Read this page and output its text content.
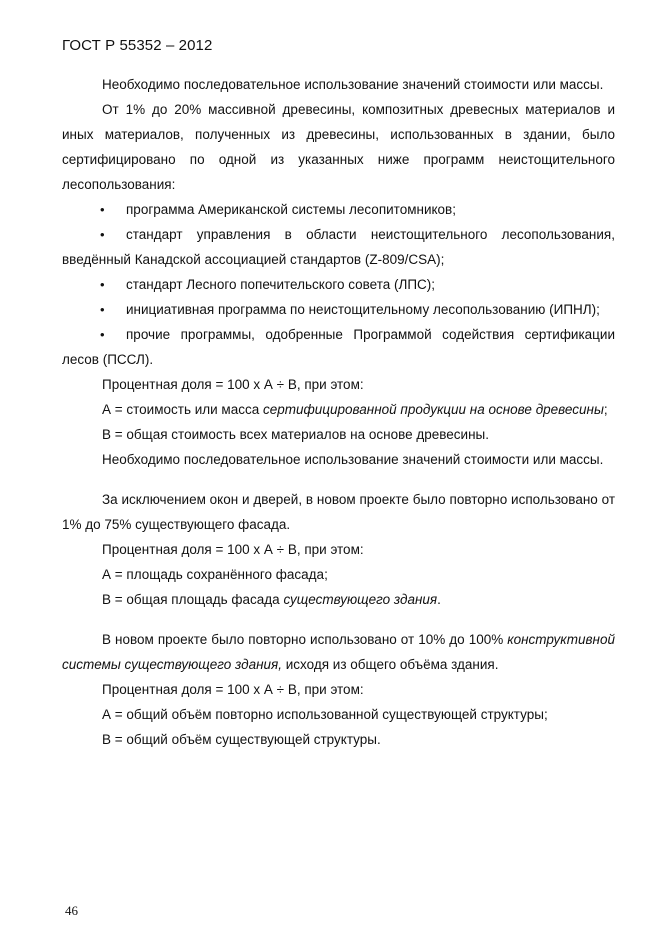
ГОСТ Р 55352 – 2012

Необходимо последовательное использование значений стоимости или массы.

От 1% до 20% массивной древесины, композитных древесных материалов и иных материалов, полученных из древесины, использованных в здании, было сертифицировано по одной из указанных ниже программ неистощительного лесопользования:

•	программа Американской системы лесопитомников;

•	стандарт управления в области неистощительного лесопользования, введённый Канадской ассоциацией стандартов (Z-809/CSA);

•	стандарт Лесного попечительского совета (ЛПС);

•	инициативная программа по неистощительному лесопользованию (ИПНЛ);

•	прочие программы, одобренные Программой содействия сертификации лесов (ПССЛ).

Процентная доля = 100 х А ÷ В, при этом:

А = стоимость или масса сертифицированной продукции на основе древесины;

В = общая стоимость всех материалов на основе древесины.

Необходимо последовательное использование значений стоимости или массы.

За исключением окон и дверей, в новом проекте было повторно использовано от 1% до 75% существующего фасада.

Процентная доля = 100 х А ÷ В, при этом:

А = площадь сохранённого фасада;

В = общая площадь фасада существующего здания.

В новом проекте было повторно использовано от 10% до 100% конструктивной системы существующего здания, исходя из общего объёма здания.

Процентная доля = 100 х А ÷ В, при этом:

А = общий объём повторно использованной существующей структуры;

В = общий объём существующей структуры.

46
